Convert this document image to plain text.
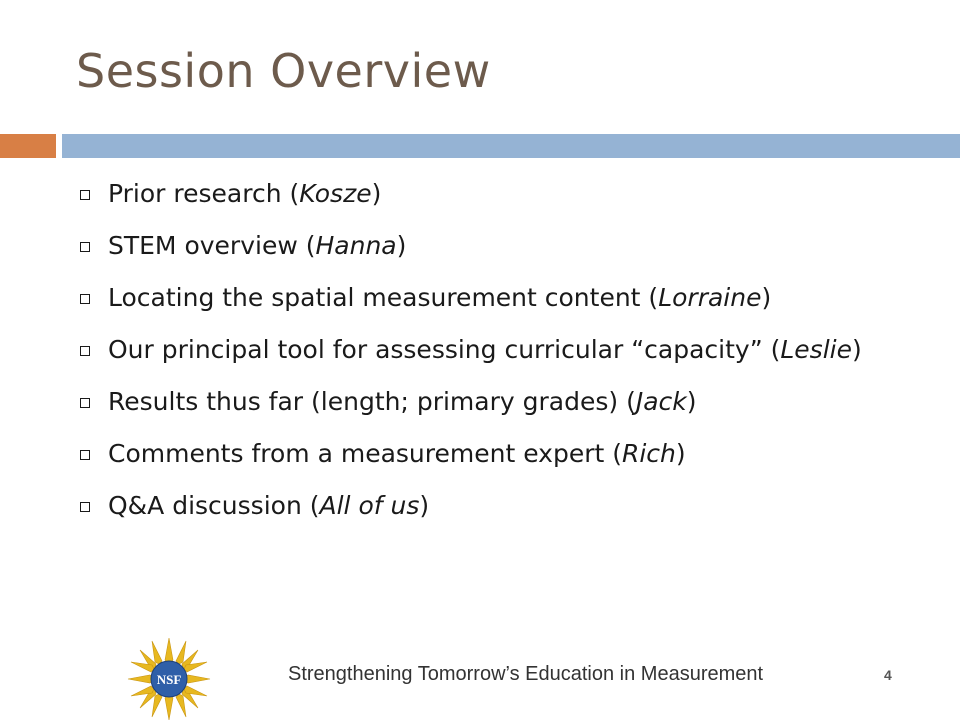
Session Overview
Prior research (Kosze)
STEM overview (Hanna)
Locating the spatial measurement content (Lorraine)
Our principal tool for assessing curricular “capacity” (Leslie)
Results thus far (length; primary grades) (Jack)
Comments from a measurement expert (Rich)
Q&A discussion (All of us)
NSF	Strengthening Tomorrow’s Education in Measurement	4
